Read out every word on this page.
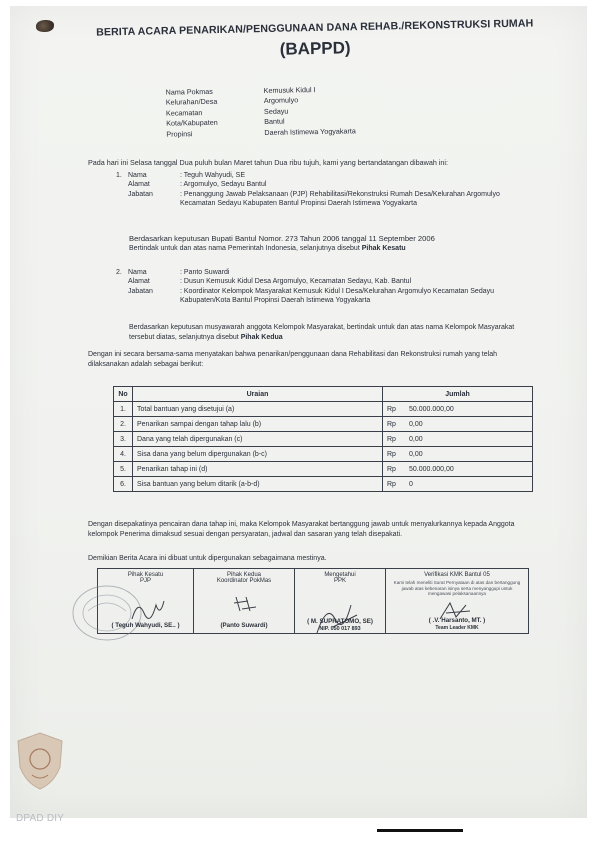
BERITA ACARA PENARIKAN/PENGGUNAAN DANA REHAB./REKONSTRUKSI RUMAH
(BAPPD)
Nama Pokmas	Kemusuk Kidul I
Kelurahan/Desa	Argomulyo
Kecamatan	Sedayu
Kota/Kabupaten	Bantul
Propinsi	Daerah Istimewa Yogyakarta
Pada hari ini Selasa tanggal Dua puluh bulan Maret tahun Dua ribu tujuh, kami yang bertandatangan dibawah ini:
1. Nama	: Teguh Wahyudi, SE
Alamat	: Argomulyo, Sedayu Bantul
Jabatan	: Penanggung Jawab Pelaksanaan (PJP) Rehabilitasi/Rekonstruksi Rumah Desa/Kelurahan Argomulyo Kecamatan Sedayu Kabupaten Bantul Propinsi Daerah Istimewa Yogyakarta
Berdasarkan keputusan Bupati Bantul Nomor. 273 Tahun 2006 tanggal 11 September 2006
Bertindak untuk dan atas nama Pemerintah Indonesia, selanjutnya disebut Pihak Kesatu
2. Nama	: Panto Suwardi
Alamat	: Dusun Kemusuk Kidul Desa Argomulyo, Kecamatan Sedayu, Kab. Bantul
Jabatan	: Koordinator Kelompok Masyarakat Kemusuk Kidul I Desa/Kelurahan Argomulyo Kecamatan Sedayu Kabupaten/Kota Bantul Propinsi Daerah Istimewa Yogyakarta
Berdasarkan keputusan musyawarah anggota Kelompok Masyarakat, bertindak untuk dan atas nama Kelompok Masyarakat tersebut diatas, selanjutnya disebut Pihak Kedua
Dengan ini secara bersama-sama menyatakan bahwa penarikan/penggunaan dana Rehabilitasi dan Rekonstruksi rumah yang telah dilaksanakan adalah sebagai berikut:
No	Uraian	Jumlah	
1.	Total bantuan yang disetujui (a)	Rp	50.000.000,00
2.	Penarikan sampai dengan tahap lalu (b)	Rp	0,00
3.	Dana yang telah dipergunakan (c)	Rp	0,00
4.	Sisa dana yang belum dipergunakan (b-c)	Rp	0,00
5.	Penarikan tahap ini (d)	Rp	50.000.000,00
6.	Sisa bantuan yang belum ditarik (a-b-d)	Rp	0
Dengan disepakatinya pencairan dana tahap ini, maka Kelompok Masyarakat bertanggung jawab untuk menyalurkannya kepada Anggota kelompok Penerima dimaksud sesuai dengan persyaratan, jadwal dan sasaran yang telah disepakati.
Demikian Berita Acara ini dibuat untuk dipergunakan sebagaimana mestinya.
Pihak Kesatu
PJP
( Teguh Wahyudi, SE.. )
Pihak Kedua
Koordinator PokMas
(Panto Suwardi)
Mengetahui
PPK
( M. SUPRATOMO, SE)
NIP. 050 017 893
Verifikasi KMK Bantul 05
Kami telah meneliti Surat Pernyataan di atas dan bertanggung jawab atas kebenaran isinya serta menyanggupi untuk mengawasi pelaksanaannya
( .V. Harsanto, MT. )
Team Leader KMK
DPAD DIY
